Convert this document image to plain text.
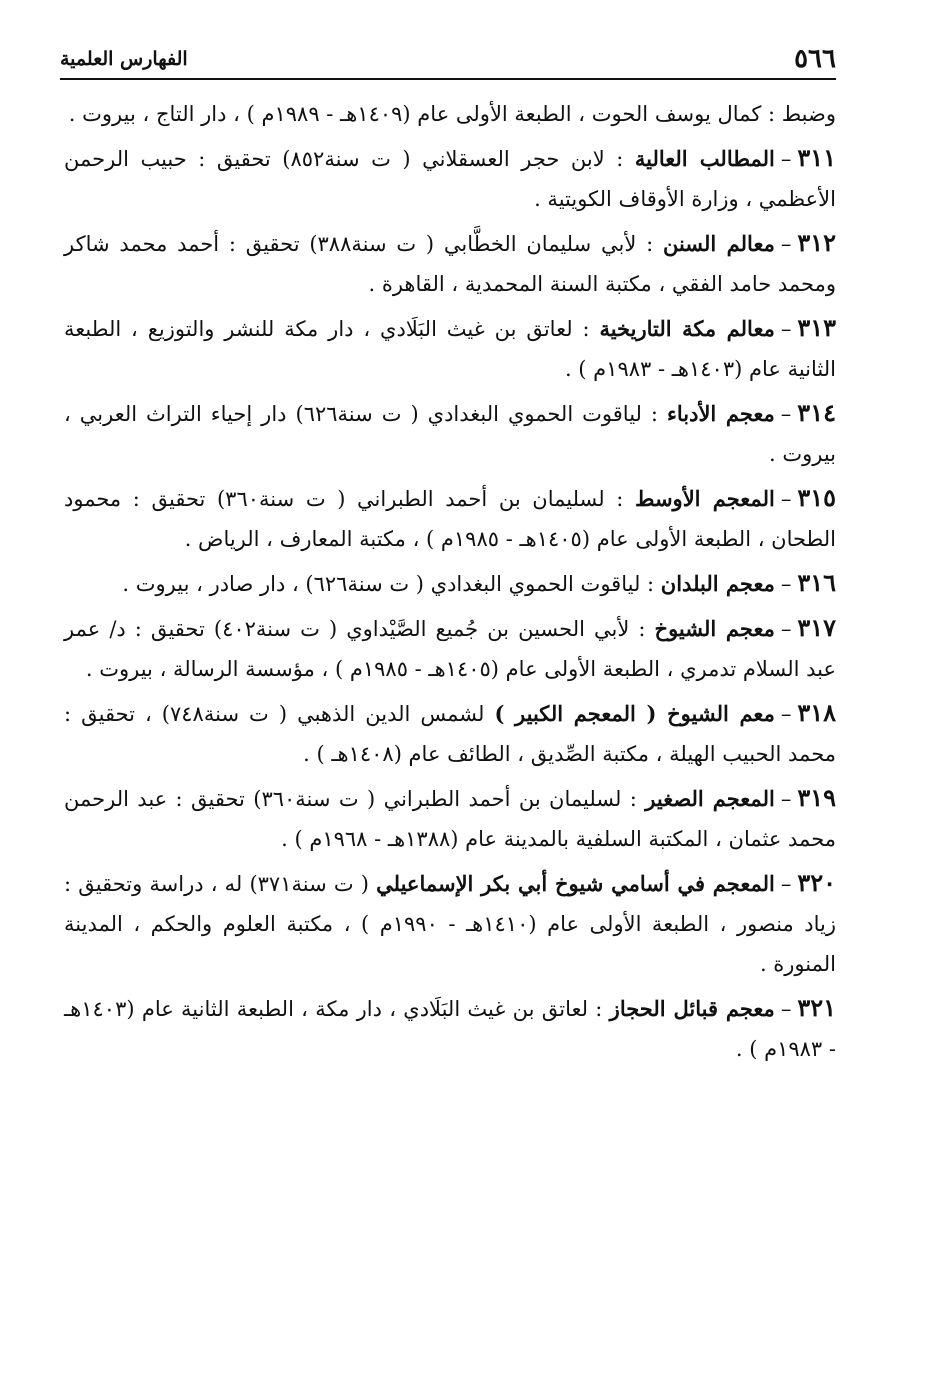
٥٦٦
الفهارس العلمية

وضبط : كمال يوسف الحوت ، الطبعة الأولى عام (١٤٠٩هـ - ١٩٨٩م ) ، دار التاج ، بيروت .

٣١١–المطالب العالية : لابن حجر العسقلاني ( ت سنة٨٥٢) تحقيق : حبيب الرحمن الأعظمي ، وزارة الأوقاف الكويتية .

٣١٢–معالم السنن : لأبي سليمان الخطَّابي ( ت سنة٣٨٨) تحقيق : أحمد محمد شاكر ومحمد حامد الفقي ، مكتبة السنة المحمدية ، القاهرة .

٣١٣–معالم مكة التاريخية : لعاتق بن غيث البَلَادي ، دار مكة للنشر والتوزيع ، الطبعة الثانية عام (١٤٠٣هـ - ١٩٨٣م ) .

٣١٤–معجم الأدباء : لياقوت الحموي البغدادي ( ت سنة٦٢٦) دار إحياء التراث العربي ، بيروت .

٣١٥–المعجم الأوسط : لسليمان بن أحمد الطبراني ( ت سنة٣٦٠) تحقيق : محمود الطحان ، الطبعة الأولى عام (١٤٠٥هـ - ١٩٨٥م ) ، مكتبة المعارف ، الرياض .

٣١٦–معجم البلدان : لياقوت الحموي البغدادي ( ت سنة٦٢٦) ، دار صادر ، بيروت .

٣١٧–معجم الشيوخ : لأبي الحسين بن جُميع الصَّيْداوي ( ت سنة٤٠٢) تحقيق : د/ عمر عبد السلام تدمري ، الطبعة الأولى عام (١٤٠٥هـ - ١٩٨٥م ) ، مؤسسة الرسالة ، بيروت .

٣١٨–معم الشيوخ ( المعجم الكبير ) لشمس الدين الذهبي ( ت سنة٧٤٨) ، تحقيق : محمد الحبيب الهيلة ، مكتبة الصِّديق ، الطائف عام (١٤٠٨هـ ) .

٣١٩–المعجم الصغير : لسليمان بن أحمد الطبراني ( ت سنة٣٦٠) تحقيق : عبد الرحمن محمد عثمان ، المكتبة السلفية بالمدينة عام (١٣٨٨هـ - ١٩٦٨م ) .

٣٢٠–المعجم في أسامي شيوخ أبي بكر الإسماعيلي ( ت سنة٣٧١) له ، دراسة وتحقيق : زياد منصور ، الطبعة الأولى عام (١٤١٠هـ - ١٩٩٠م ) ، مكتبة العلوم والحكم ، المدينة المنورة .

٣٢١–معجم قبائل الحجاز : لعاتق بن غيث البَلَادي ، دار مكة ، الطبعة الثانية عام (١٤٠٣هـ - ١٩٨٣م ) .
